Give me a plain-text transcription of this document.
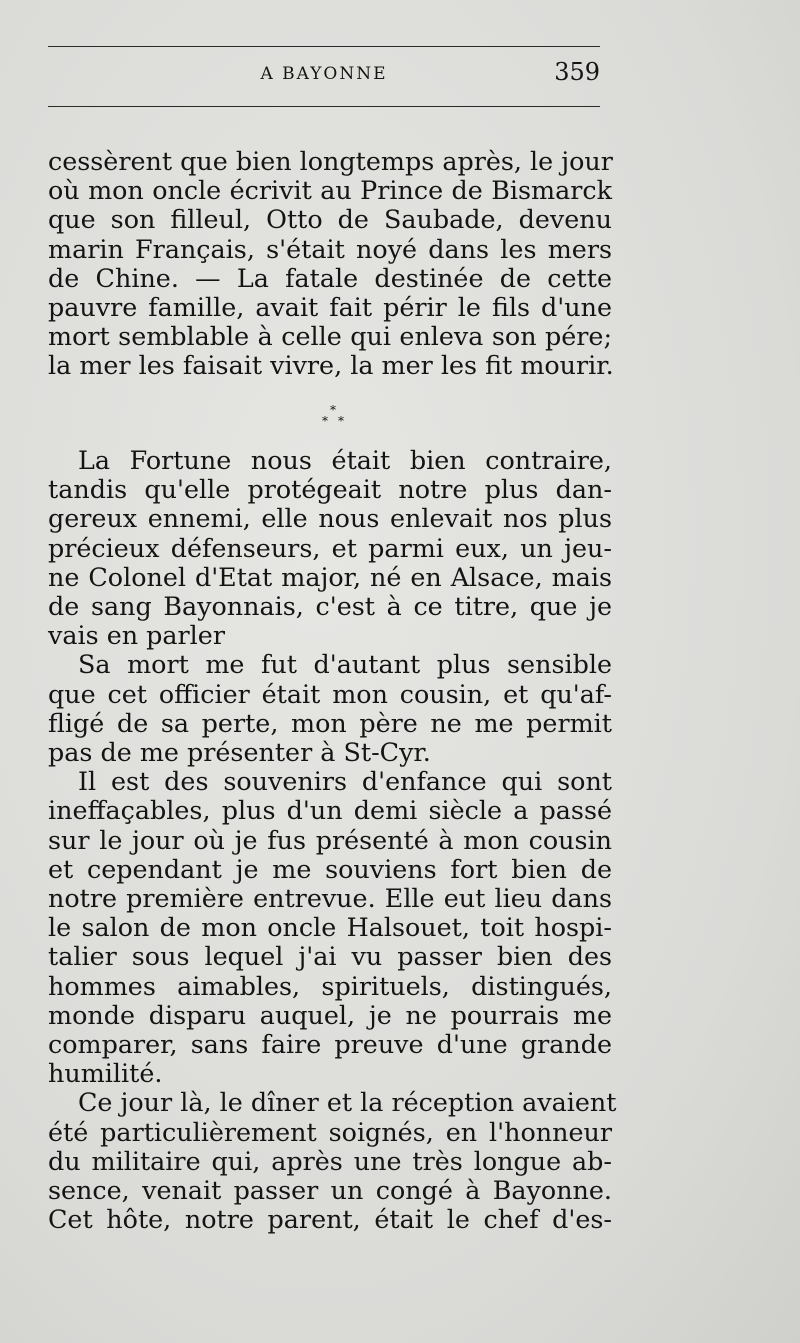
A BAYONNE	359

cessèrent que bien longtemps après, le jour
où mon oncle écrivit au Prince de Bismarck
que son filleul, Otto de Saubade, devenu
marin Français, s'était noyé dans les mers
de Chine. — La fatale destinée de cette
pauvre famille, avait fait périr le fils d'une
mort semblable à celle qui enleva son pére;
la mer les faisait vivre, la mer les fit mourir.

*
* *

La Fortune nous était bien contraire,
tandis qu'elle protégeait notre plus dan-
gereux ennemi, elle nous enlevait nos plus
précieux défenseurs, et parmi eux, un jeu-
ne Colonel d'Etat major, né en Alsace, mais
de sang Bayonnais, c'est à ce titre, que je
vais en parler

Sa mort me fut d'autant plus sensible
que cet officier était mon cousin, et qu'af-
fligé de sa perte, mon père ne me permit
pas de me présenter à St-Cyr.

Il est des souvenirs d'enfance qui sont
ineffaçables, plus d'un demi siècle a passé
sur le jour où je fus présenté à mon cousin
et cependant je me souviens fort bien de
notre première entrevue. Elle eut lieu dans
le salon de mon oncle Halsouet, toit hospi-
talier sous lequel j'ai vu passer bien des
hommes aimables, spirituels, distingués,
monde disparu auquel, je ne pourrais me
comparer, sans faire preuve d'une grande
humilité.

Ce jour là, le dîner et la réception avaient
été particulièrement soignés, en l'honneur
du militaire qui, après une très longue ab-
sence, venait passer un congé à Bayonne.
Cet hôte, notre parent, était le chef d'es-
